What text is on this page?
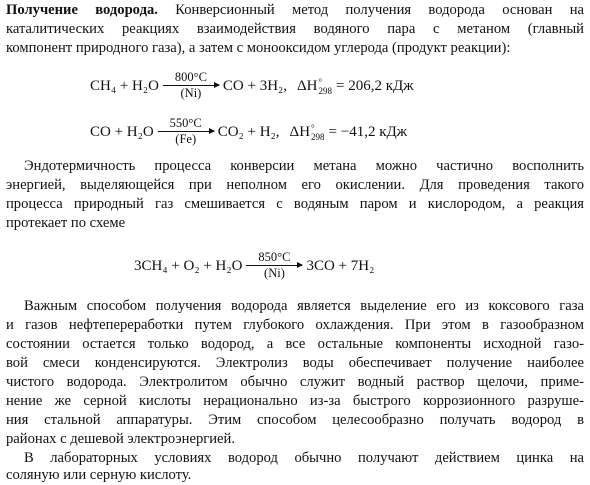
Получение водорода. Конверсионный метод получения водорода основан на
каталитических реакциях взаимодействия водяного пара с метаном (главный
компонент природного газа), а затем с монооксидом углерода (продукт реакции):
CH₄ + H₂O
800°C
(Ni) CO + 3H₂, ΔH °
298 = 206,2 кДж
CO + H₂O
550°C
(Fe) CO₂ + H₂, ΔH °
298 = −41,2 кДж
Эндотермичность процесса конверсии метана можно частично восполнить
энергией, выделяющейся при неполном его окислении. Для проведения такого
процесса природный газ смешивается с водяным паром и кислородом, а реакция
протекает по схеме
3CH₄ + O₂ + H₂O
850°C
(Ni) 3CO + 7H₂
Важным способом получения водорода является выделение его из коксового газа
и газов нефтепереработки путем глубокого охлаждения. При этом в газообразном
состоянии остается только водород, а все остальные компоненты исходной газо-
вой смеси конденсируются. Электролиз воды обеспечивает получение наиболее
чистого водорода. Электролитом обычно служит водный раствор щелочи, приме-
нение же серной кислоты нерационально из-за быстрого коррозионного разруше-
ния стальной аппаратуры. Этим способом целесообразно получать водород в
районах с дешевой электроэнергией.
В лабораторных условиях водород обычно получают действием цинка на
соляную или серную кислоту.
